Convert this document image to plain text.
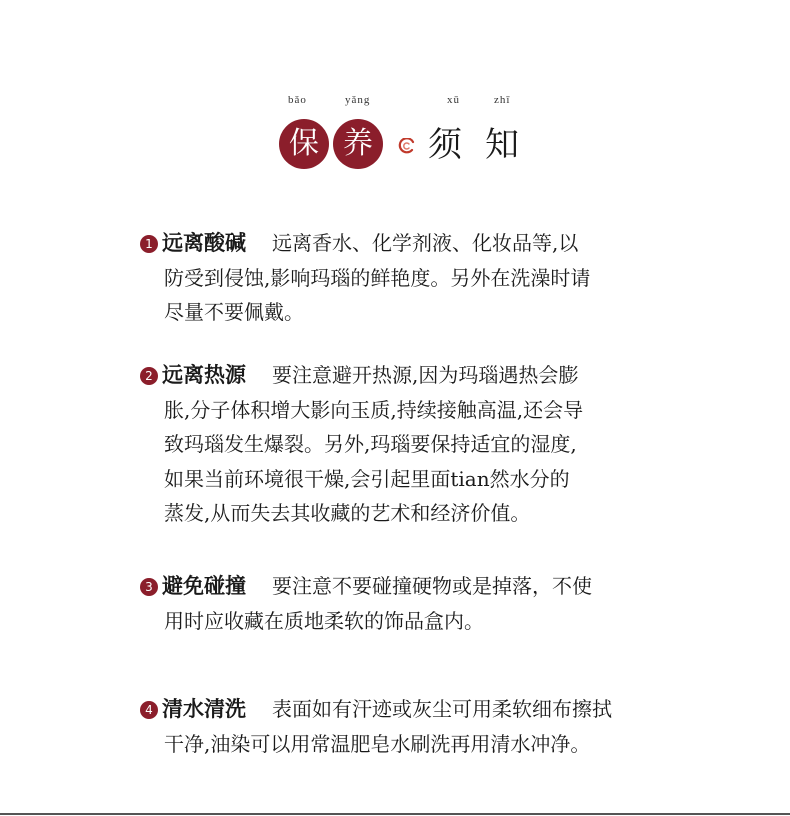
bǎo	yǎng	xū	zhī
保 养 须 知
1 远离酸碱 远离香水、化学剂液、化妆品等,以
防受到侵蚀,影响玛瑙的鲜艳度。另外在洗澡时请
尽量不要佩戴。
2 远离热源 要注意避开热源,因为玛瑙遇热会膨
胀,分子体积增大影向玉质,持续接触高温,还会导
致玛瑙发生爆裂。另外,玛瑙要保持适宜的湿度,
如果当前环境很干燥,会引起里面tian然水分的
蒸发,从而失去其收藏的艺术和经济价值。
3 避免碰撞 要注意不要碰撞硬物或是掉落，不使
用时应收藏在质地柔软的饰品盒内。
4 清水清洗 表面如有汗迹或灰尘可用柔软细布擦拭
干净,油染可以用常温肥皂水刷洗再用清水冲净。
